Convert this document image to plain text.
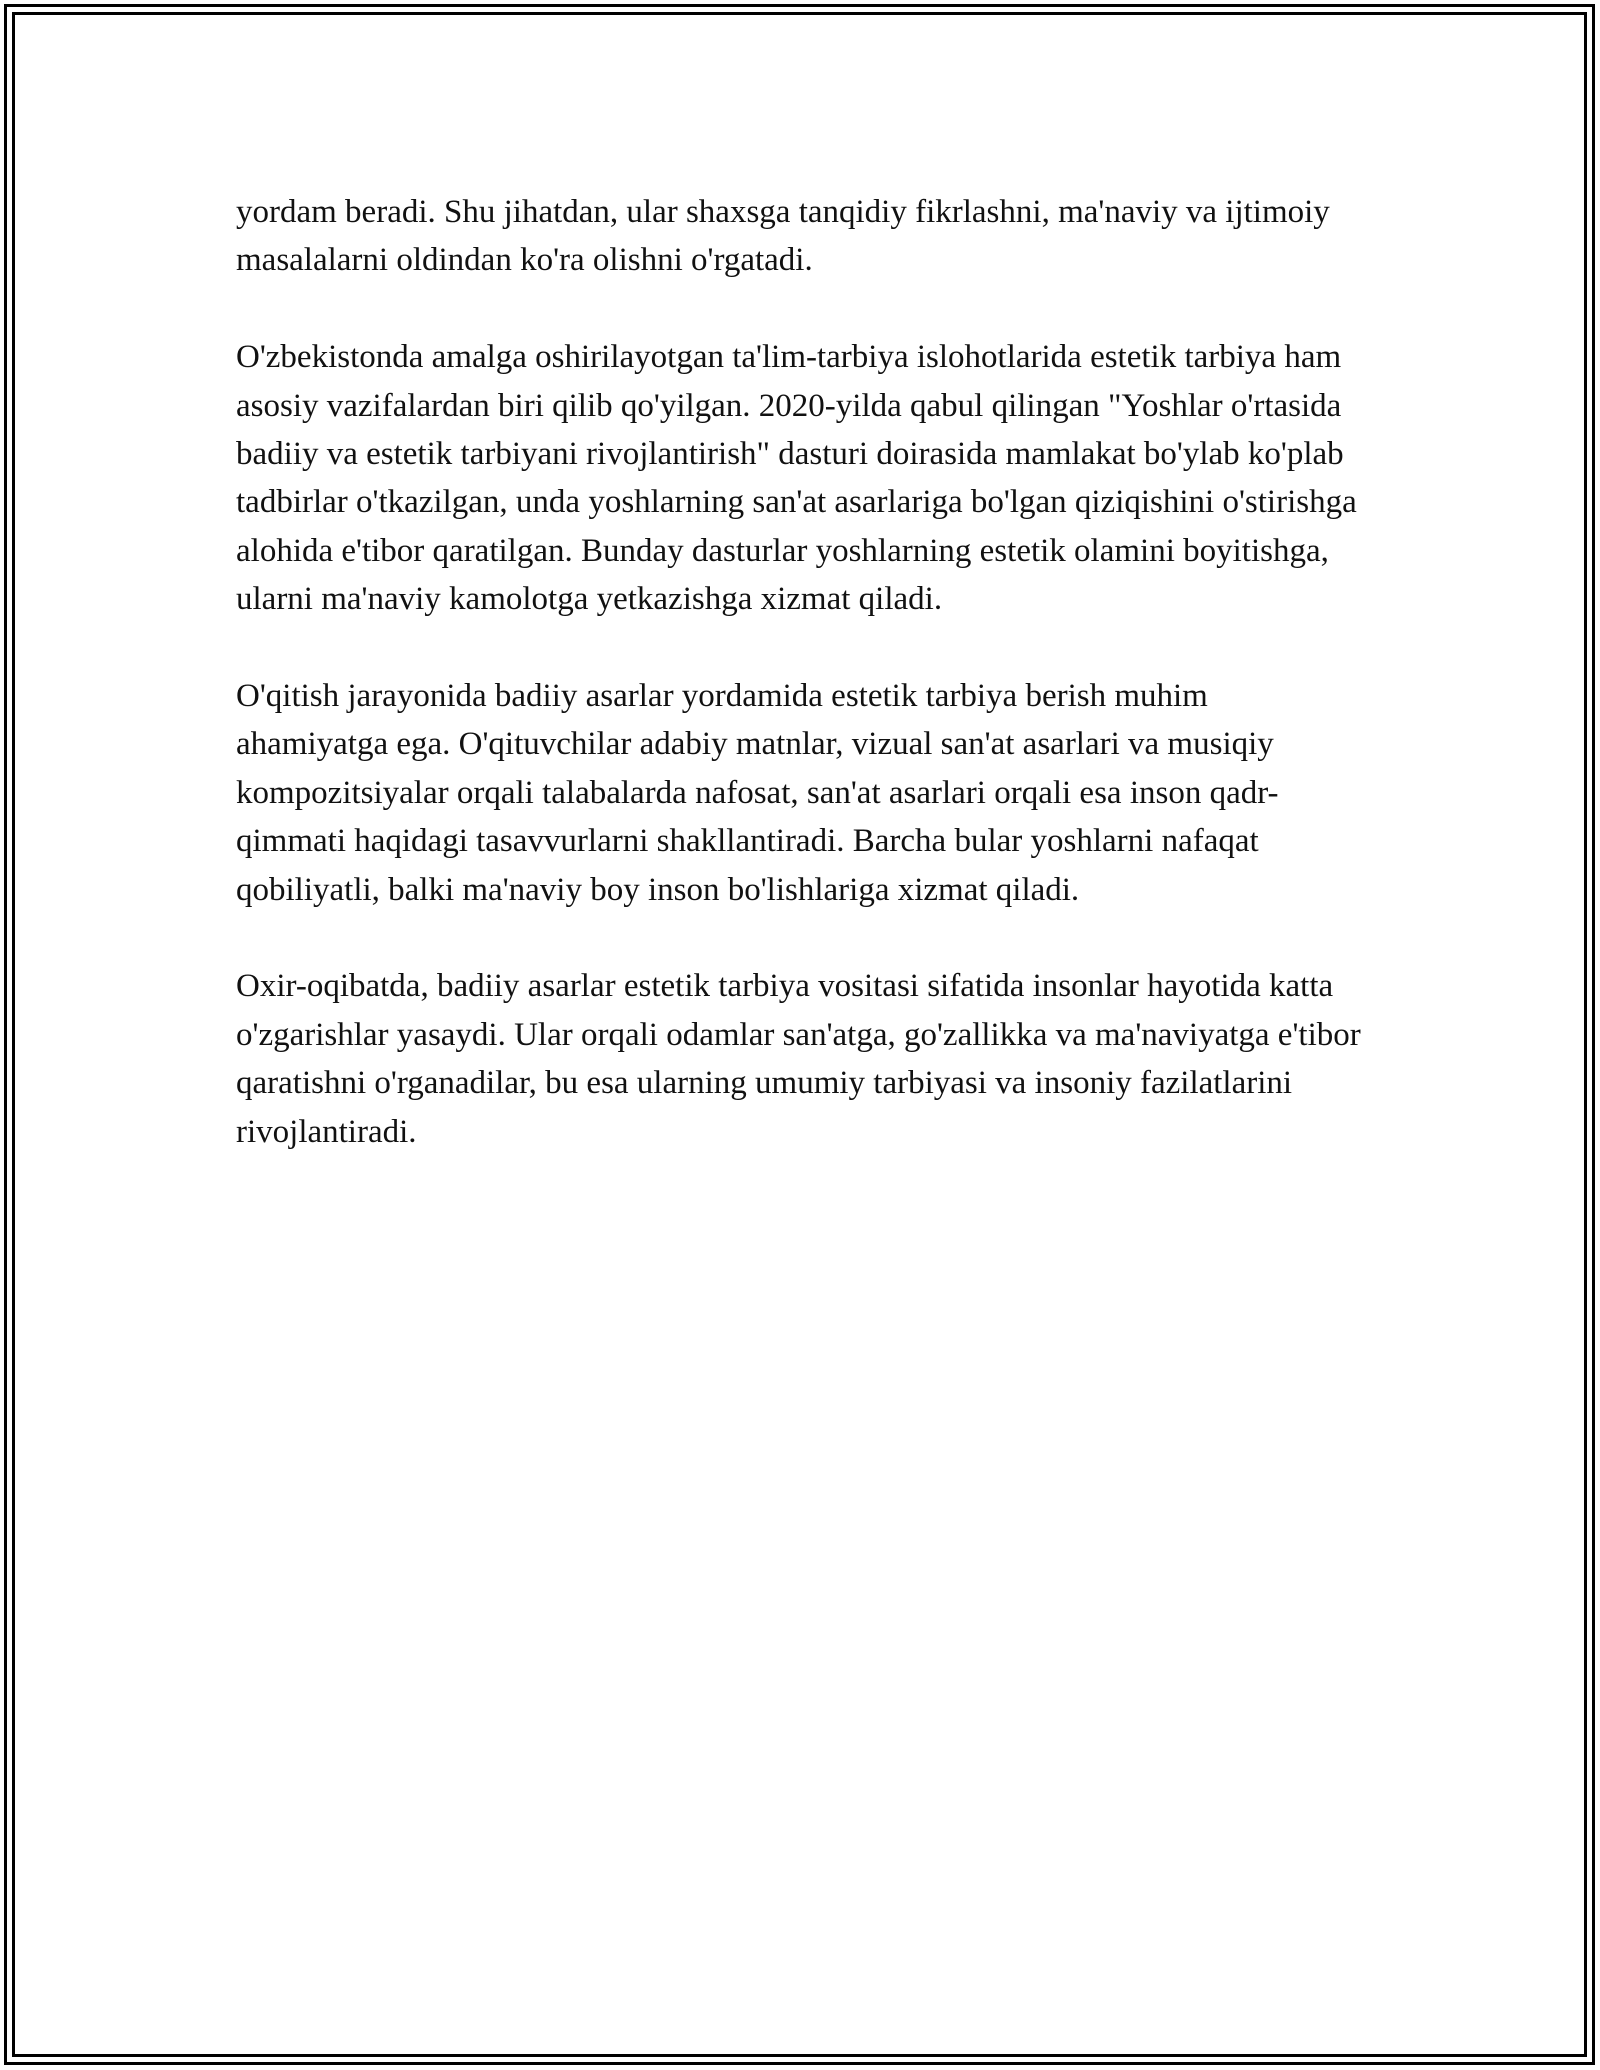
yordam beradi. Shu jihatdan, ular shaxsga tanqidiy fikrlashni, ma'naviy va ijtimoiy masalalarni oldindan ko'ra olishni o'rgatadi.

O'zbekistonda amalga oshirilayotgan ta'lim-tarbiya islohotlarida estetik tarbiya ham asosiy vazifalardan biri qilib qo'yilgan. 2020-yilda qabul qilingan "Yoshlar o'rtasida badiiy va estetik tarbiyani rivojlantirish" dasturi doirasida mamlakat bo'ylab ko'plab tadbirlar o'tkazilgan, unda yoshlarning san'at asarlariga bo'lgan qiziqishini o'stirishga alohida e'tibor qaratilgan. Bunday dasturlar yoshlarning estetik olamini boyitishga, ularni ma'naviy kamolotga yetkazishga xizmat qiladi.

O'qitish jarayonida badiiy asarlar yordamida estetik tarbiya berish muhim ahamiyatga ega. O'qituvchilar adabiy matnlar, vizual san'at asarlari va musiqiy kompozitsiyalar orqali talabalarda nafosat, san'at asarlari orqali esa inson qadr-qimmati haqidagi tasavvurlarni shakllantiradi. Barcha bular yoshlarni nafaqat qobiliyatli, balki ma'naviy boy inson bo'lishlariga xizmat qiladi.

Oxir-oqibatda, badiiy asarlar estetik tarbiya vositasi sifatida insonlar hayotida katta o'zgarishlar yasaydi. Ular orqali odamlar san'atga, go'zallikka va ma'naviyatga e'tibor qaratishni o'rganadilar, bu esa ularning umumiy tarbiyasi va insoniy fazilatlarini rivojlantiradi.
